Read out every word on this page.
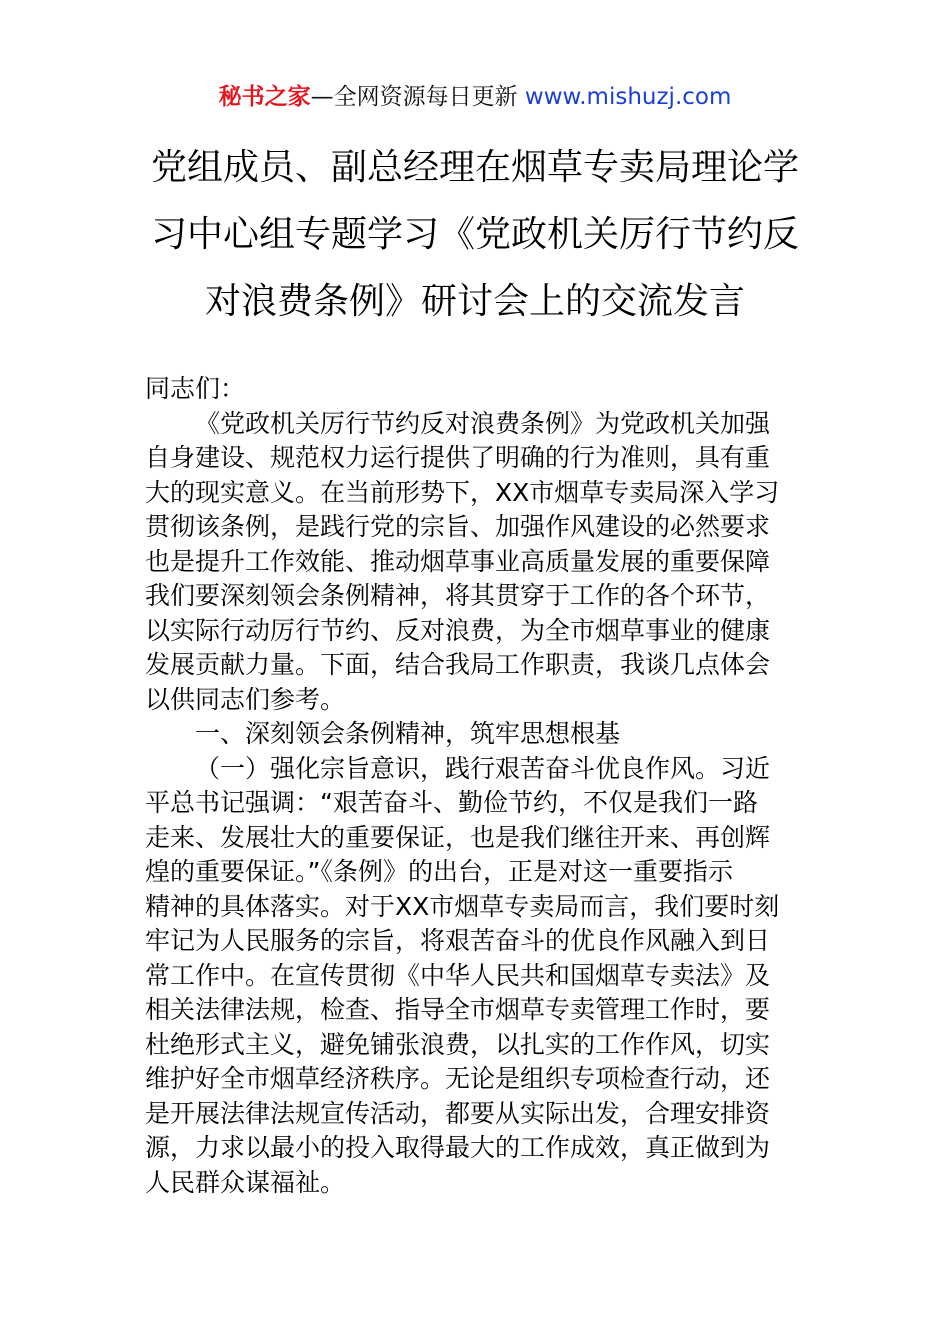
秘书之家—全网资源每日更新 www.mishuzj.com
党组成员、副总经理在烟草专卖局理论学
习中心组专题学习《党政机关厉行节约反
对浪费条例》研讨会上的交流发言
同志们：
《党政机关厉行节约反对浪费条例》为党政机关加强
自身建设、规范权力运行提供了明确的行为准则，具有重
大的现实意义。在当前形势下，XX市烟草专卖局深入学习
贯彻该条例，是践行党的宗旨、加强作风建设的必然要求
也是提升工作效能、推动烟草事业高质量发展的重要保障
我们要深刻领会条例精神，将其贯穿于工作的各个环节，
以实际行动厉行节约、反对浪费，为全市烟草事业的健康
发展贡献力量。下面，结合我局工作职责，我谈几点体会
以供同志们参考。
一、深刻领会条例精神，筑牢思想根基
（一）强化宗旨意识，践行艰苦奋斗优良作风。习近
平总书记强调：“艰苦奋斗、勤俭节约，不仅是我们一路
走来、发展壮大的重要保证，也是我们继往开来、再创辉
煌的重要保证。”《条例》的出台，正是对这一重要指示
精神的具体落实。对于XX市烟草专卖局而言，我们要时刻
牢记为人民服务的宗旨，将艰苦奋斗的优良作风融入到日
常工作中。在宣传贯彻《中华人民共和国烟草专卖法》及
相关法律法规，检查、指导全市烟草专卖管理工作时，要
杜绝形式主义，避免铺张浪费，以扎实的工作作风，切实
维护好全市烟草经济秩序。无论是组织专项检查行动，还
是开展法律法规宣传活动，都要从实际出发，合理安排资
源，力求以最小的投入取得最大的工作成效，真正做到为
人民群众谋福祉。
